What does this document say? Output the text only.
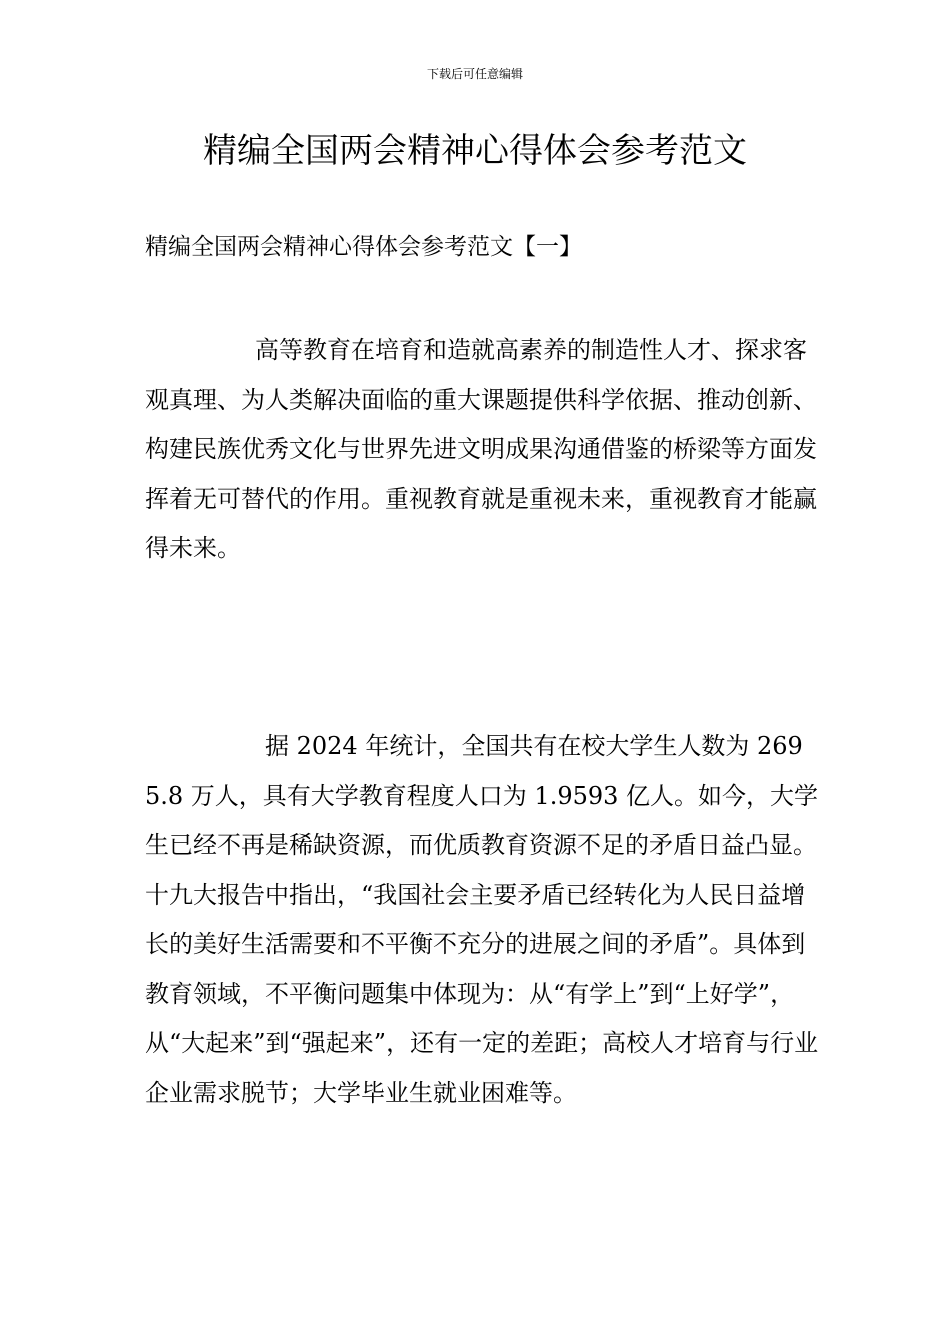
下载后可任意编辑
精编全国两会精神心得体会参考范文
精编全国两会精神心得体会参考范文【一】

高等教育在培育和造就高素养的制造性人才、探求客观真理、为人类解决面临的重大课题提供科学依据、推动创新、构建民族优秀文化与世界先进文明成果沟通借鉴的桥梁等方面发挥着无可替代的作用。重视教育就是重视未来，重视教育才能赢得未来。

据 2024 年统计，全国共有在校大学生人数为 2695.8 万人，具有大学教育程度人口为 1.9593 亿人。如今，大学生已经不再是稀缺资源，而优质教育资源不足的矛盾日益凸显。十九大报告中指出，“我国社会主要矛盾已经转化为人民日益增长的美好生活需要和不平衡不充分的进展之间的矛盾”。具体到教育领域，不平衡问题集中体现为：从“有学上”到“上好学”，从“大起来”到“强起来”，还有一定的差距；高校人才培育与行业企业需求脱节；大学毕业生就业困难等。
